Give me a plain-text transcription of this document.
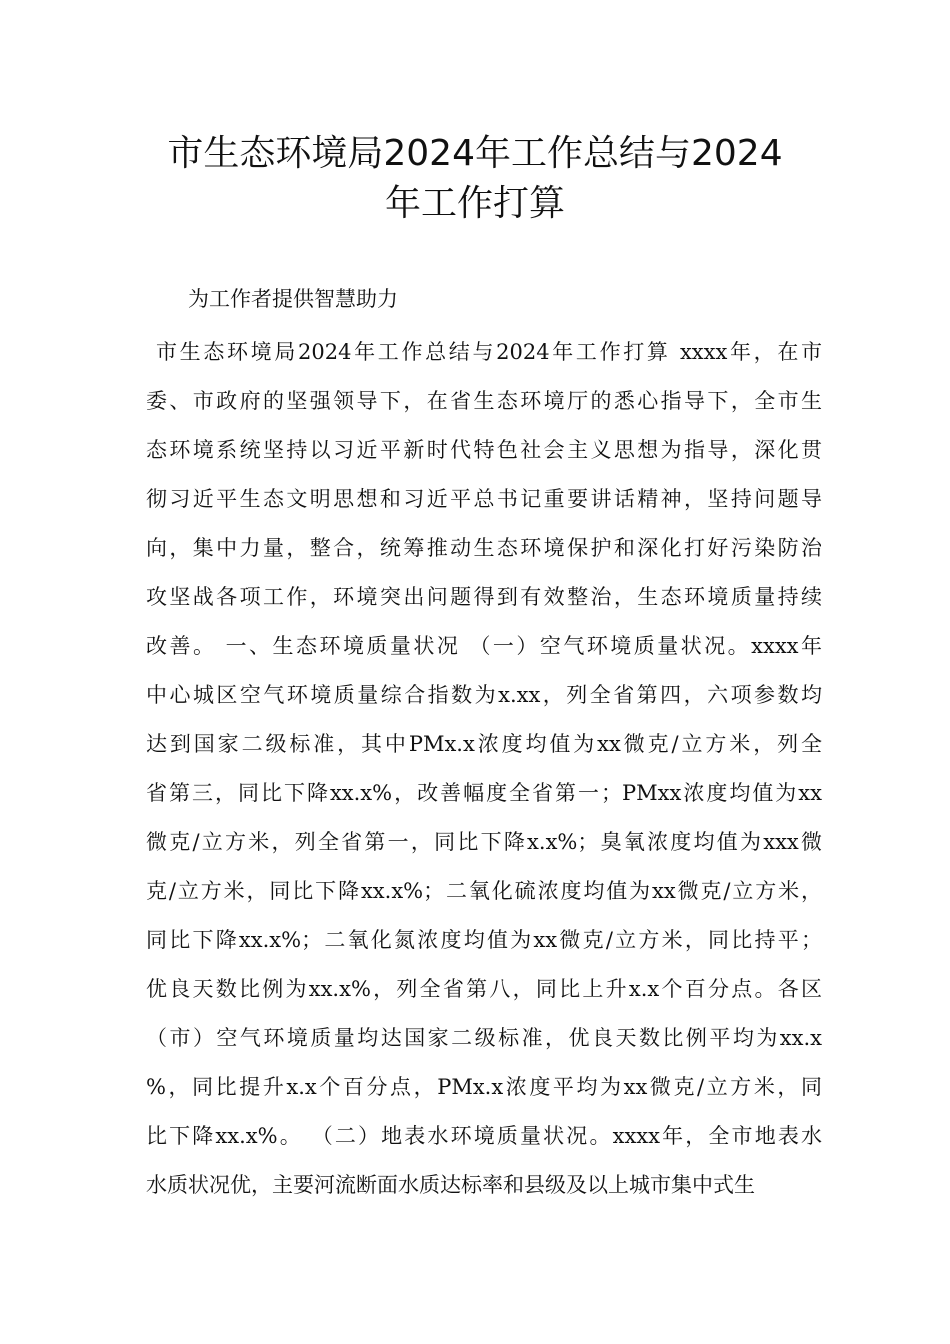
市生态环境局2024年工作总结与2024
年工作打算
为工作者提供智慧助力
市生态环境局2024年工作总结与2024年工作打算 xxxx年，在市
委、市政府的坚强领导下，在省生态环境厅的悉心指导下，全市生
态环境系统坚持以习近平新时代特色社会主义思想为指导，深化贯
彻习近平生态文明思想和习近平总书记重要讲话精神，坚持问题导
向，集中力量，整合，统筹推动生态环境保护和深化打好污染防治
攻坚战各项工作，环境突出问题得到有效整治，生态环境质量持续
改善。 一、生态环境质量状况 （一）空气环境质量状况。xxxx年
中心城区空气环境质量综合指数为x.xx，列全省第四，六项参数均
达到国家二级标准，其中PMx.x浓度均值为xx微克/立方米，列全
省第三，同比下降xx.x%，改善幅度全省第一；PMxx浓度均值为xx
微克/立方米，列全省第一，同比下降x.x%；臭氧浓度均值为xxx微
克/立方米，同比下降xx.x%；二氧化硫浓度均值为xx微克/立方米，
同比下降xx.x%；二氧化氮浓度均值为xx微克/立方米，同比持平；
优良天数比例为xx.x%，列全省第八，同比上升x.x个百分点。各区
（市）空气环境质量均达国家二级标准，优良天数比例平均为xx.x
%，同比提升x.x个百分点，PMx.x浓度平均为xx微克/立方米，同
比下降xx.x%。 （二）地表水环境质量状况。xxxx年，全市地表水
水质状况优，主要河流断面水质达标率和县级及以上城市集中式生
